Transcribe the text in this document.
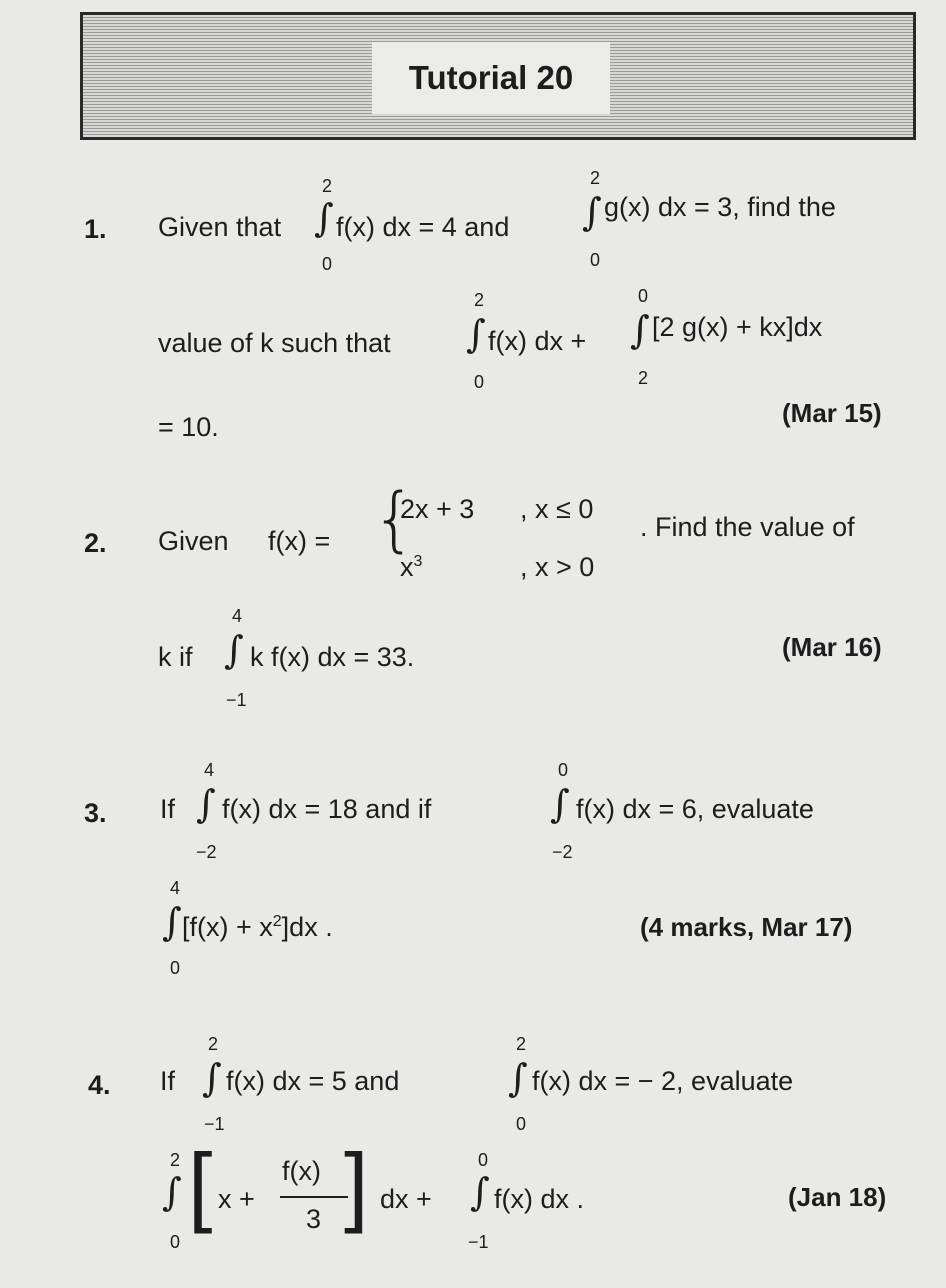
Tutorial 20
1. Given that
2
∫
0
f(x) dx = 4 and
2
∫
0
g(x) dx = 3, find the
value of k such that
2
∫
0
f(x) dx +
0
∫
2
[2 g(x) + kx]dx
= 10.	(Mar 15)
2. Given f(x) = {
2x + 3 , x ≤ 0
$x^3$	, x > 0
. Find the value of
k if
4
∫
−1
k f(x) dx = 33.	(Mar 16)
3. If
4
∫
−2
f(x) dx = 18 and if
0
∫
−2
f(x) dx = 6, evaluate
4
∫
0
$[f(x) + x^2]dx$ .	(4 marks, Mar 17)
4. If
2
∫
−1
f(x) dx = 5 and
2
∫
0
f(x) dx = − 2, evaluate
2
∫
0
[ x +
f(x)
3 ] dx +
0
∫
−1
f(x) dx .	(Jan 18)
